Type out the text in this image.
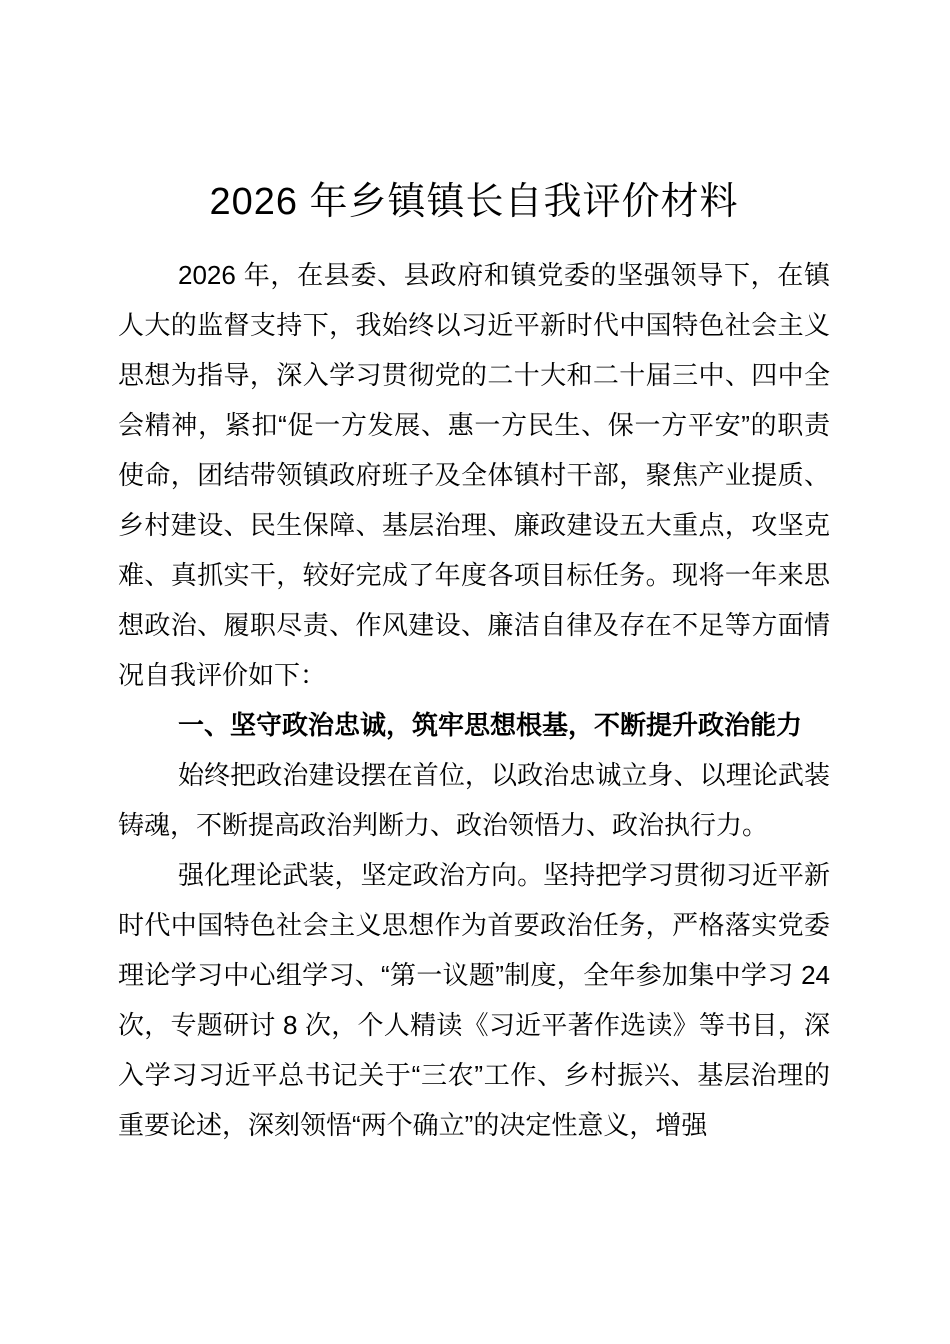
2026 年乡镇镇长自我评价材料

2026 年，在县委、县政府和镇党委的坚强领导下，在镇人大的监督支持下，我始终以习近平新时代中国特色社会主义思想为指导，深入学习贯彻党的二十大和二十届三中、四中全会精神，紧扣“促一方发展、惠一方民生、保一方平安”的职责使命，团结带领镇政府班子及全体镇村干部，聚焦产业提质、乡村建设、民生保障、基层治理、廉政建设五大重点，攻坚克难、真抓实干，较好完成了年度各项目标任务。现将一年来思想政治、履职尽责、作风建设、廉洁自律及存在不足等方面情况自我评价如下：

一、坚守政治忠诚，筑牢思想根基，不断提升政治能力

始终把政治建设摆在首位，以政治忠诚立身、以理论武装铸魂，不断提高政治判断力、政治领悟力、政治执行力。

强化理论武装，坚定政治方向。坚持把学习贯彻习近平新时代中国特色社会主义思想作为首要政治任务，严格落实党委理论学习中心组学习、“第一议题”制度，全年参加集中学习 24 次，专题研讨 8 次，个人精读《习近平著作选读》等书目，深入学习习近平总书记关于“三农”工作、乡村振兴、基层治理的重要论述，深刻领悟“两个确立”的决定性意义，增强
